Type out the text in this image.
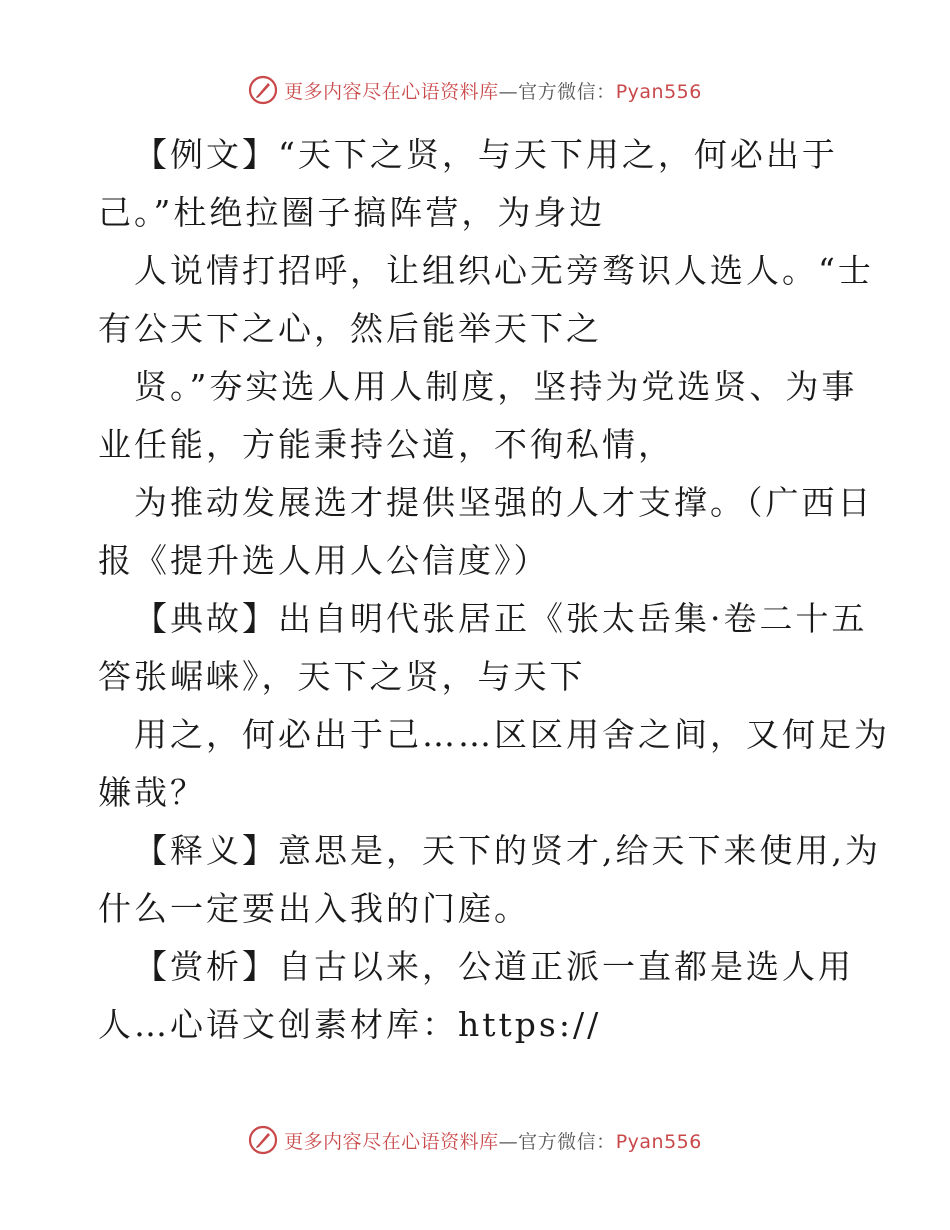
更多内容尽在心语资料库—官方微信：Pyan556
【例文】“天下之贤，与天下用之，何必出于
己。”杜绝拉圈子搞阵营，为身边
人说情打招呼，让组织心无旁骛识人选人。“士
有公天下之心，然后能举天下之
贤。”夯实选人用人制度，坚持为党选贤、为事
业任能，方能秉持公道，不徇私情，
为推动发展选才提供坚强的人才支撑。（广西日
报《提升选人用人公信度》）
【典故】出自明代张居正《张太岳集·卷二十五
答张崌崃》，天下之贤，与天下
用之，何必出于己……区区用舍之间，又何足为
嫌哉？
【释义】意思是，天下的贤才,给天下来使用,为
什么一定要出入我的门庭。
【赏析】自古以来，公道正派一直都是选人用
人…心语文创素材库：https://
更多内容尽在心语资料库—官方微信：Pyan556
